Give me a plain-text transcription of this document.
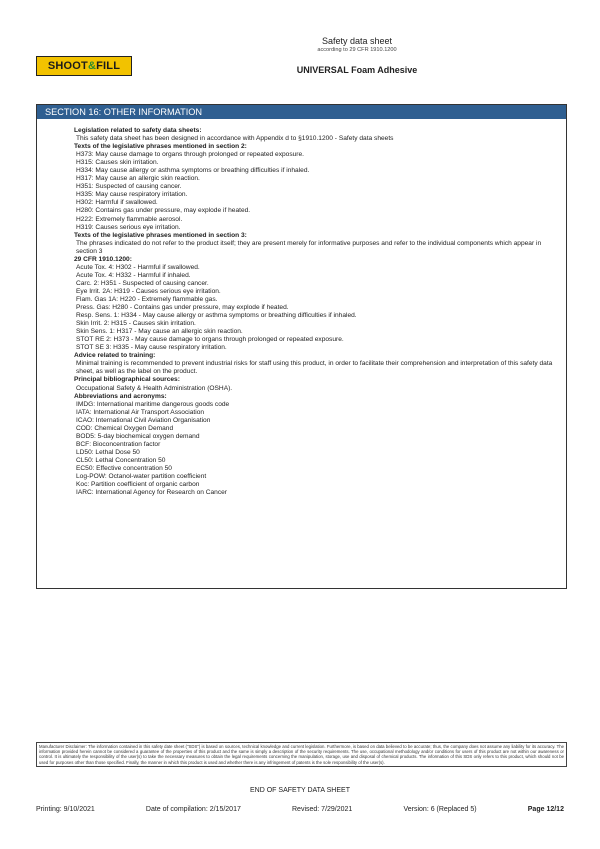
SHOOT & FILL
Safety data sheet
according to 29 CFR 1910.1200
UNIVERSAL Foam Adhesive
SECTION 16: OTHER INFORMATION

Legislation related to safety data sheets:

This safety data sheet has been designed in accordance with Appendix d to §1910.1200 - Safety data sheets

Texts of the legislative phrases mentioned in section 2:

H373: May cause damage to organs through prolonged or repeated exposure.

H315: Causes skin irritation.

H334: May cause allergy or asthma symptoms or breathing difficulties if inhaled.

H317: May cause an allergic skin reaction.

H351: Suspected of causing cancer.

H335: May cause respiratory irritation.

H302: Harmful if swallowed.

H280: Contains gas under pressure, may explode if heated.

H222: Extremely flammable aerosol.

H319: Causes serious eye irritation.

Texts of the legislative phrases mentioned in section 3:

The phrases indicated do not refer to the product itself; they are present merely for informative purposes and refer to the individual components which appear in section 3

29 CFR 1910.1200:

Acute Tox. 4: H302 - Harmful if swallowed.

Acute Tox. 4: H332 - Harmful if inhaled.

Carc. 2: H351 - Suspected of causing cancer.

Eye Irrit. 2A: H319 - Causes serious eye irritation.

Flam. Gas 1A: H220 - Extremely flammable gas.

Press. Gas: H280 - Contains gas under pressure, may explode if heated.

Resp. Sens. 1: H334 - May cause allergy or asthma symptoms or breathing difficulties if inhaled.

Skin Irrit. 2: H315 - Causes skin irritation.

Skin Sens. 1: H317 - May cause an allergic skin reaction.

STOT RE 2: H373 - May cause damage to organs through prolonged or repeated exposure.

STOT SE 3: H335 - May cause respiratory irritation.

Advice related to training:

Minimal training is recommended to prevent industrial risks for staff using this product, in order to facilitate their comprehension and interpretation of this safety data sheet, as well as the label on the product.

Principal bibliographical sources:

Occupational Safety & Health Administration (OSHA).

Abbreviations and acronyms:

IMDG: International maritime dangerous goods code

IATA: International Air Transport Association

ICAO: International Civil Aviation Organisation

COD: Chemical Oxygen Demand

BOD5: 5-day biochemical oxygen demand

BCF: Bioconcentration factor

LD50: Lethal Dose 50

CL50: Lethal Concentration 50

EC50: Effective concentration 50

Log-POW: Octanol-water partition coefficient

Koc: Partition coefficient of organic carbon

IARC: International Agency for Research on Cancer

Manufacturer Disclaimer: The information contained in this safety date sheet ("SDS") is based on sources, technical knowledge and current legislation. Furthermore, is based on data believed to be accurate; thus, the company does not assume any liability for its accuracy. The information provided herein cannot be considered a guarantee of the properties of this product and the same is simply a description of the security requirements. The use, occupational methodology and/or conditions for users of this product are not within our awareness or control. It is ultimately the responsibility of the user(s) to take the necessary measures to obtain the legal requirements concerning the manipulation, storage, use and disposal of chemical products. The information of this SDS only refers to this product, which should not be used for purposes other than those specified. Finally, the manner in which this product is used and whether there is any infringement of patents is the sole responsibility of the user(s).
END OF SAFETY DATA SHEET
Printing: 9/10/2021	Date of compilation: 2/15/2017	Revised: 7/29/2021	Version: 6 (Replaced 5)	Page 12/12
